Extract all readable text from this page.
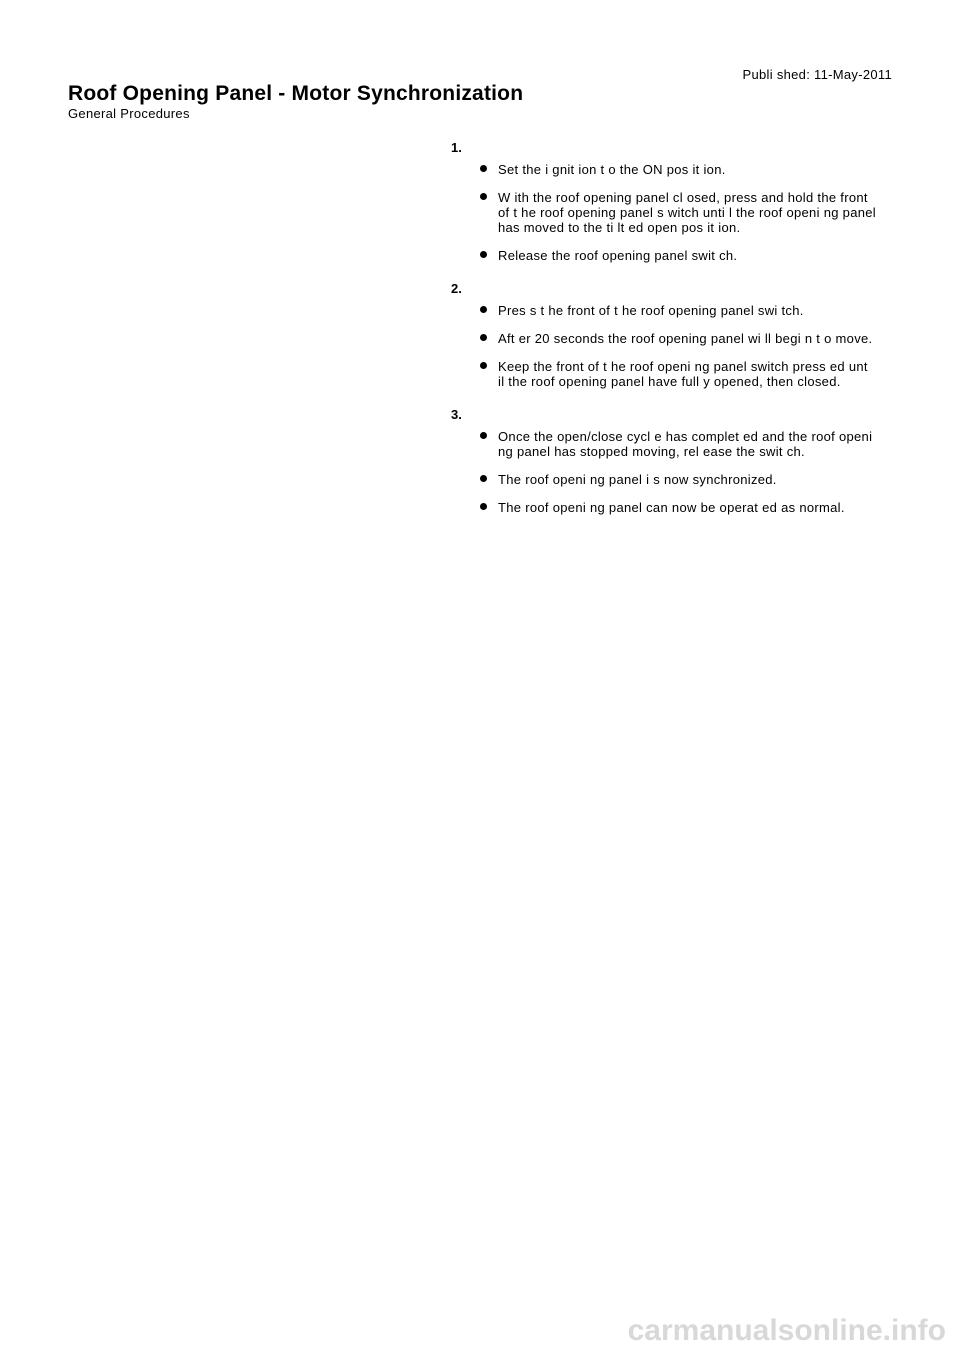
Publi shed: 11-May-2011
Roof Opening Panel - Motor Synchronization
General Procedures
1.
Set the i gnit ion t o the ON pos it ion.
W ith the roof opening panel cl osed, press and hold the front of t he roof opening panel s witch unti l the roof openi ng panel has moved to the ti lt ed open pos it ion.
Release the roof opening panel swit ch.
2.
Pres s t he front of t he roof opening panel swi tch.
Aft er 20 seconds the roof opening panel wi ll begi n t o move.
Keep the front of t he roof openi ng panel switch press ed unt il the roof opening panel have full y opened, then closed.
3.
Once the open/close cycl e has complet ed and the roof openi ng panel has stopped moving, rel ease the swit ch.
The roof openi ng panel i s now synchronized.
The roof openi ng panel can now be operat ed as normal.
carmanualsonline.info
